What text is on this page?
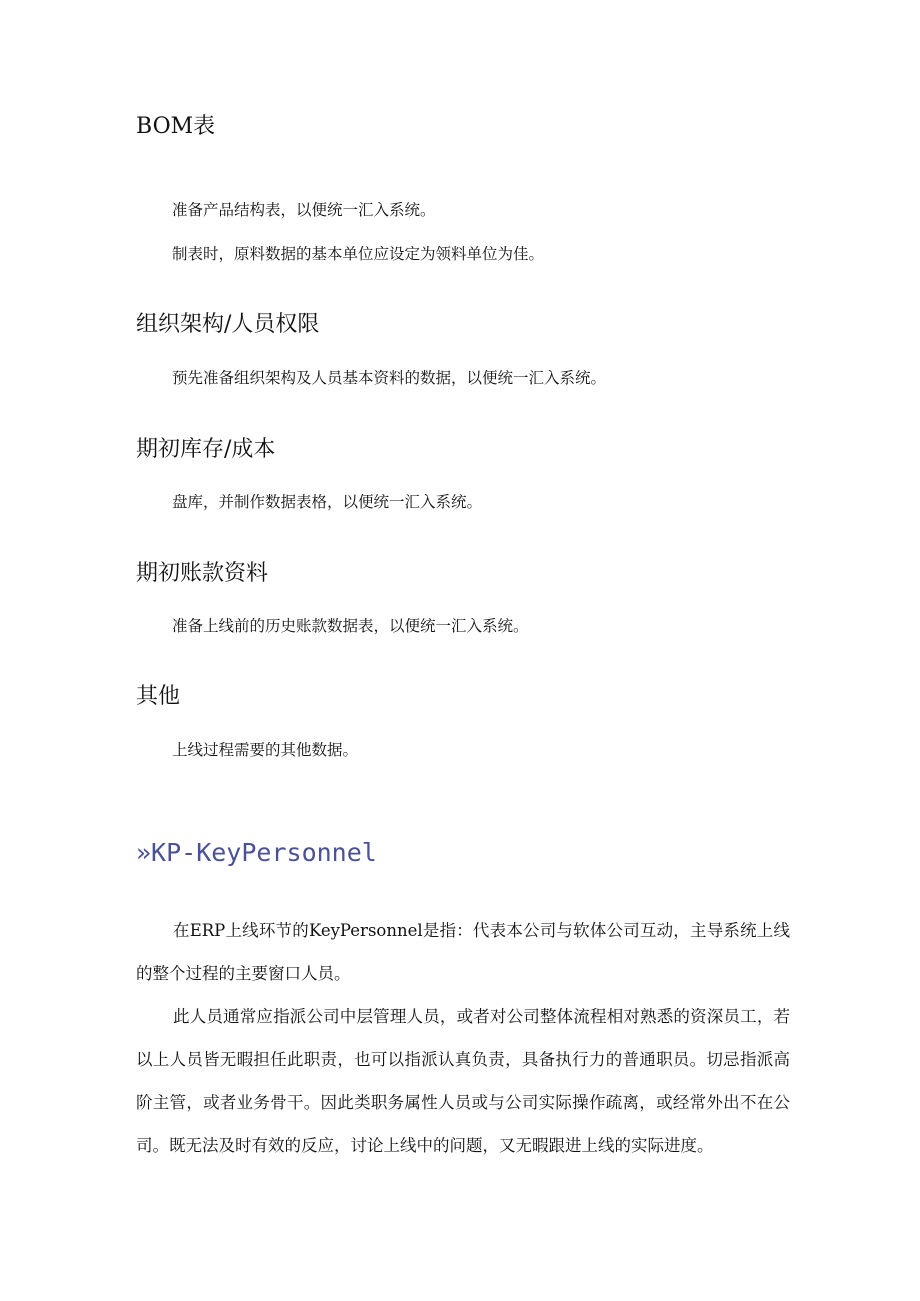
BOM表

准备产品结构表，以便统一汇入系统。

制表时，原料数据的基本单位应设定为领料单位为佳。

组织架构/人员权限

预先准备组织架构及人员基本资料的数据，以便统一汇入系统。

期初库存/成本

盘库，并制作数据表格，以便统一汇入系统。

期初账款资料

准备上线前的历史账款数据表，以便统一汇入系统。

其他

上线过程需要的其他数据。

»KP-KeyPersonnel

在ERP上线环节的KeyPersonnel是指：代表本公司与软体公司互动，主导系统上线的整个过程的主要窗口人员。

此人员通常应指派公司中层管理人员，或者对公司整体流程相对熟悉的资深员工，若以上人员皆无暇担任此职责，也可以指派认真负责，具备执行力的普通职员。切忌指派高阶主管，或者业务骨干。因此类职务属性人员或与公司实际操作疏离，或经常外出不在公司。既无法及时有效的反应，讨论上线中的问题，又无暇跟进上线的实际进度。
